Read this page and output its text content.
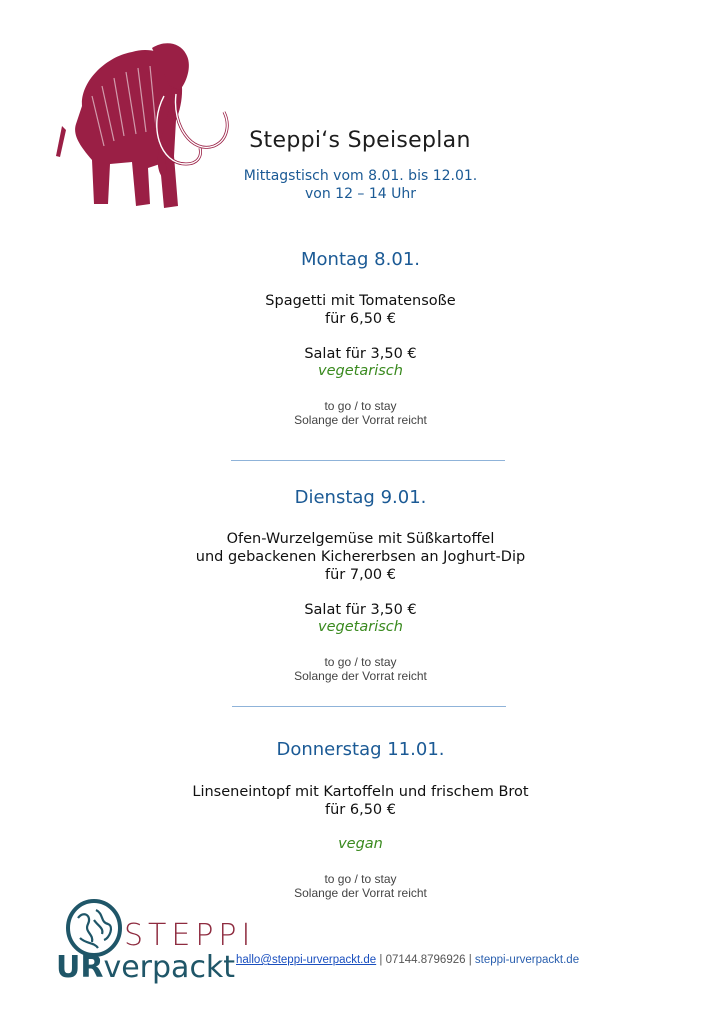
Steppi‘s Speiseplan
Mittagstisch vom 8.01. bis 12.01.
von 12 – 14 Uhr
Montag 8.01.
Spagetti mit Tomatensoße
für 6,50 €
Salat für 3,50 €
vegetarisch
to go / to stay
Solange der Vorrat reicht
Dienstag 9.01.
Ofen-Wurzelgemüse mit Süßkartoffel
und gebackenen Kichererbsen an Joghurt-Dip
für 7,00 €
Salat für 3,50 €
vegetarisch
to go / to stay
Solange der Vorrat reicht
Donnerstag 11.01.
Linseneintopf mit Kartoffeln und frischem Brot
für 6,50 €
vegan
to go / to stay
Solange der Vorrat reicht
STEPPI
URverpackt hallo@steppi-urverpackt.de | 07144.8796926 | steppi-urverpackt.de
